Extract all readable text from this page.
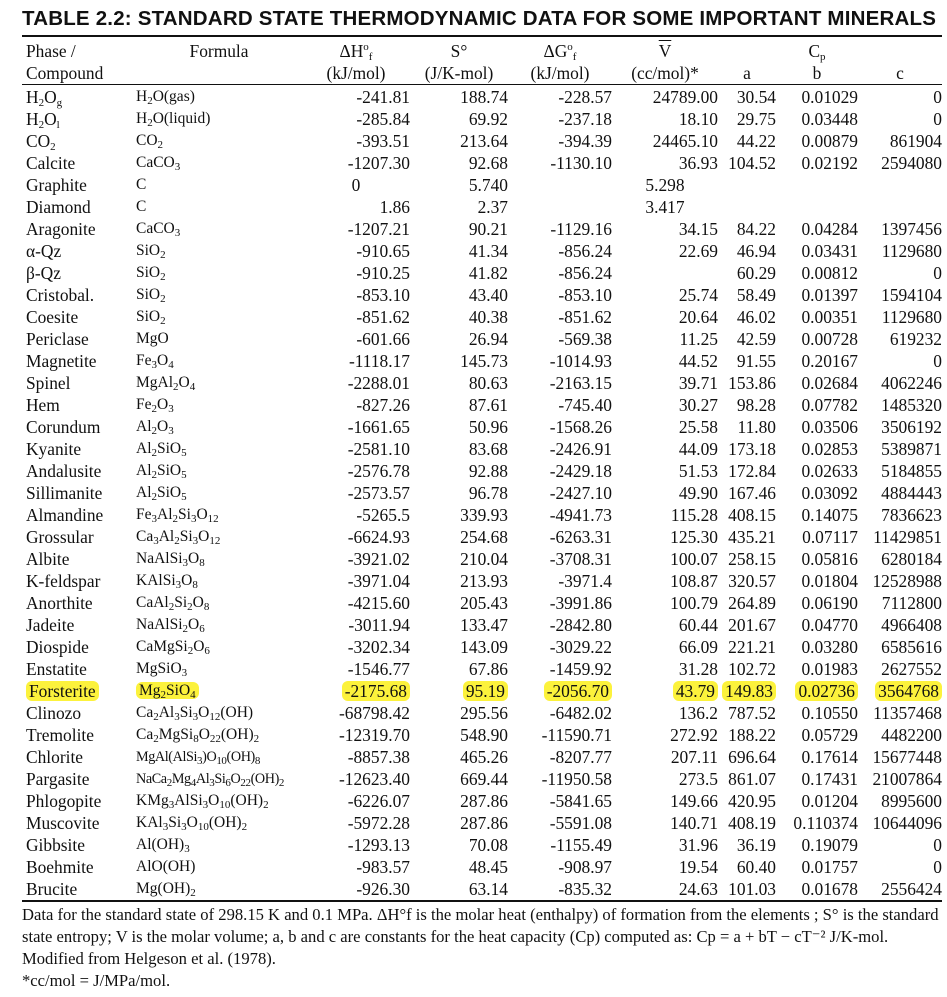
TABLE 2.2: STANDARD STATE THERMODYNAMIC DATA FOR SOME IMPORTANT MINERALS
Phase /	Formula	$\Delta H^o_f$	S°	$\Delta G^o_f$	$\overline{V}$		$C_p$	
Compound		(kJ/mol)	(J/K-mol)	(kJ/mol)	(cc/mol)*	a	b	c
$H_2O_g$	$H_2O(gas)$	-241.81	188.74	-228.57	24789.00	30.54	0.01029	0
$H_2O_l$	$H_2O(liquid)$	-285.84	69.92	-237.18	18.10	29.75	0.03448	0
$CO_2$	$CO_2$	-393.51	213.64	-394.39	24465.10	44.22	0.00879	861904
Calcite	CaCO$_3$	-1207.30	92.68	-1130.10	36.93	104.52	0.02192	2594080
Graphite	C	0	5.740		5.298			
Diamond	C	1.86	2.37		3.417			
Aragonite	CaCO$_3$	-1207.21	90.21	-1129.16	34.15	84.22	0.04284	1397456
α-Qz	SiO$_2$	-910.65	41.34	-856.24	22.69	46.94	0.03431	1129680
β-Qz	SiO$_2$	-910.25	41.82	-856.24		60.29	0.00812	0
Cristobal.	SiO$_2$	-853.10	43.40	-853.10	25.74	58.49	0.01397	1594104
Coesite	SiO$_2$	-851.62	40.38	-851.62	20.64	46.02	0.00351	1129680
Periclase	MgO	-601.66	26.94	-569.38	11.25	42.59	0.00728	619232
Magnetite	$Fe_3O_4$	-1118.17	145.73	-1014.93	44.52	91.55	0.20167	0
Spinel	$MgAl_2O_4$	-2288.01	80.63	-2163.15	39.71	153.86	0.02684	4062246
Hem	$Fe_2O_3$	-827.26	87.61	-745.40	30.27	98.28	0.07782	1485320
Corundum	$Al_2O_3$	-1661.65	50.96	-1568.26	25.58	11.80	0.03506	3506192
Kyanite	$Al_2SiO_5$	-2581.10	83.68	-2426.91	44.09	173.18	0.02853	5389871
Andalusite	$Al_2SiO_5$	-2576.78	92.88	-2429.18	51.53	172.84	0.02633	5184855
Sillimanite	$Al_2SiO_5$	-2573.57	96.78	-2427.10	49.90	167.46	0.03092	4884443
Almandine	$Fe_3Al_2Si_3O_{12}$	-5265.5	339.93	-4941.73	115.28	408.15	0.14075	7836623
Grossular	$Ca_3Al_2Si_3O_{12}$	-6624.93	254.68	-6263.31	125.30	435.21	0.07117	11429851
Albite	$NaAlSi_3O_8$	-3921.02	210.04	-3708.31	100.07	258.15	0.05816	6280184
K-feldspar	$KAlSi_3O_8$	-3971.04	213.93	-3971.4	108.87	320.57	0.01804	12528988
Anorthite	$CaAl_2Si_2O_8$	-4215.60	205.43	-3991.86	100.79	264.89	0.06190	7112800
Jadeite	$NaAlSi_2O_6$	-3011.94	133.47	-2842.80	60.44	201.67	0.04770	4966408
Diospide	$CaMgSi_2O_6$	-3202.34	143.09	-3029.22	66.09	221.21	0.03280	6585616
Enstatite	MgSiO$_3$	-1546.77	67.86	-1459.92	31.28	102.72	0.01983	2627552
Forsterite	$Mg_2SiO_4$	-2175.68	95.19	-2056.70	43.79	149.83	0.02736	3564768
Clinozo	$Ca_2Al_3Si_3O_{12}(OH)$	-68798.42	295.56	-6482.02	136.2	787.52	0.10550	11357468
Tremolite	$Ca_2MgSi_8O_{22}(OH)_2$	-12319.70	548.90	-11590.71	272.92	188.22	0.05729	4482200
Chlorite	$MgAl(AlSi_3)O_{10}(OH)_8$	-8857.38	465.26	-8207.77	207.11	696.64	0.17614	15677448
Pargasite	$NaCa_2Mg_4Al_3Si_6O_{22}(OH)_2$	-12623.40	669.44	-11950.58	273.5	861.07	0.17431	21007864
Phlogopite	$KMg_3AlSi_3O_{10}(OH)_2$	-6226.07	287.86	-5841.65	149.66	420.95	0.01204	8995600
Muscovite	$KAl_3Si_3O_{10}(OH)_2$	-5972.28	287.86	-5591.08	140.71	408.19	0.110374	10644096
Gibbsite	$Al(OH)_3$	-1293.13	70.08	-1155.49	31.96	36.19	0.19079	0
Boehmite	AlO(OH)	-983.57	48.45	-908.97	19.54	60.40	0.01757	0
Brucite	$Mg(OH)_2$	-926.30	63.14	-835.32	24.63	101.03	0.01678	2556424

Data for the standard state of 298.15 K and 0.1 MPa. ΔH°f is the molar heat (enthalpy) of formation from the elements ; S° is the standard state entropy; V is the molar volume; a, b and c are constants for the heat capacity (Cp) computed as: Cp = a + bT − cT⁻² J/K-mol. Modified from Helgeson et al. (1978).

*cc/mol = J/MPa/mol.
